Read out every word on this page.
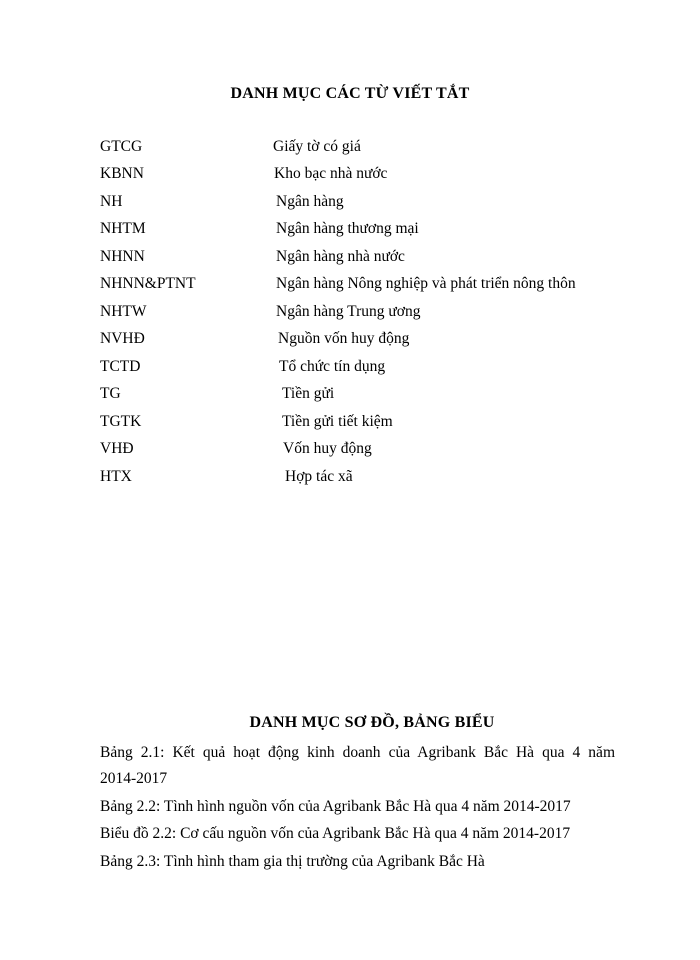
DANH MỤC CÁC TỪ VIẾT TẮT
GTCG	Giấy tờ có giá
KBNN	Kho bạc nhà nước
NH	Ngân hàng
NHTM	Ngân hàng thương mại
NHNN	Ngân hàng nhà nước
NHNN&PTNT	Ngân hàng Nông nghiệp và phát triển nông thôn
NHTW	Ngân hàng Trung ương
NVHĐ	Nguồn vốn huy động
TCTD	Tổ chức tín dụng
TG	Tiền gửi
TGTK	Tiền gửi tiết kiệm
VHĐ	Vốn huy động
HTX	Hợp tác xã
DANH MỤC SƠ ĐỒ, BẢNG BIỂU
Bảng 2.1: Kết quả hoạt động kinh doanh của Agribank Bắc Hà qua 4 năm
2014-2017
Bảng 2.2: Tình hình nguồn vốn của Agribank Bắc Hà qua 4 năm 2014-2017
Biểu đồ 2.2: Cơ cấu nguồn vốn của Agribank Bắc Hà qua 4 năm 2014-2017
Bảng 2.3: Tình hình tham gia thị trường của Agribank Bắc Hà
